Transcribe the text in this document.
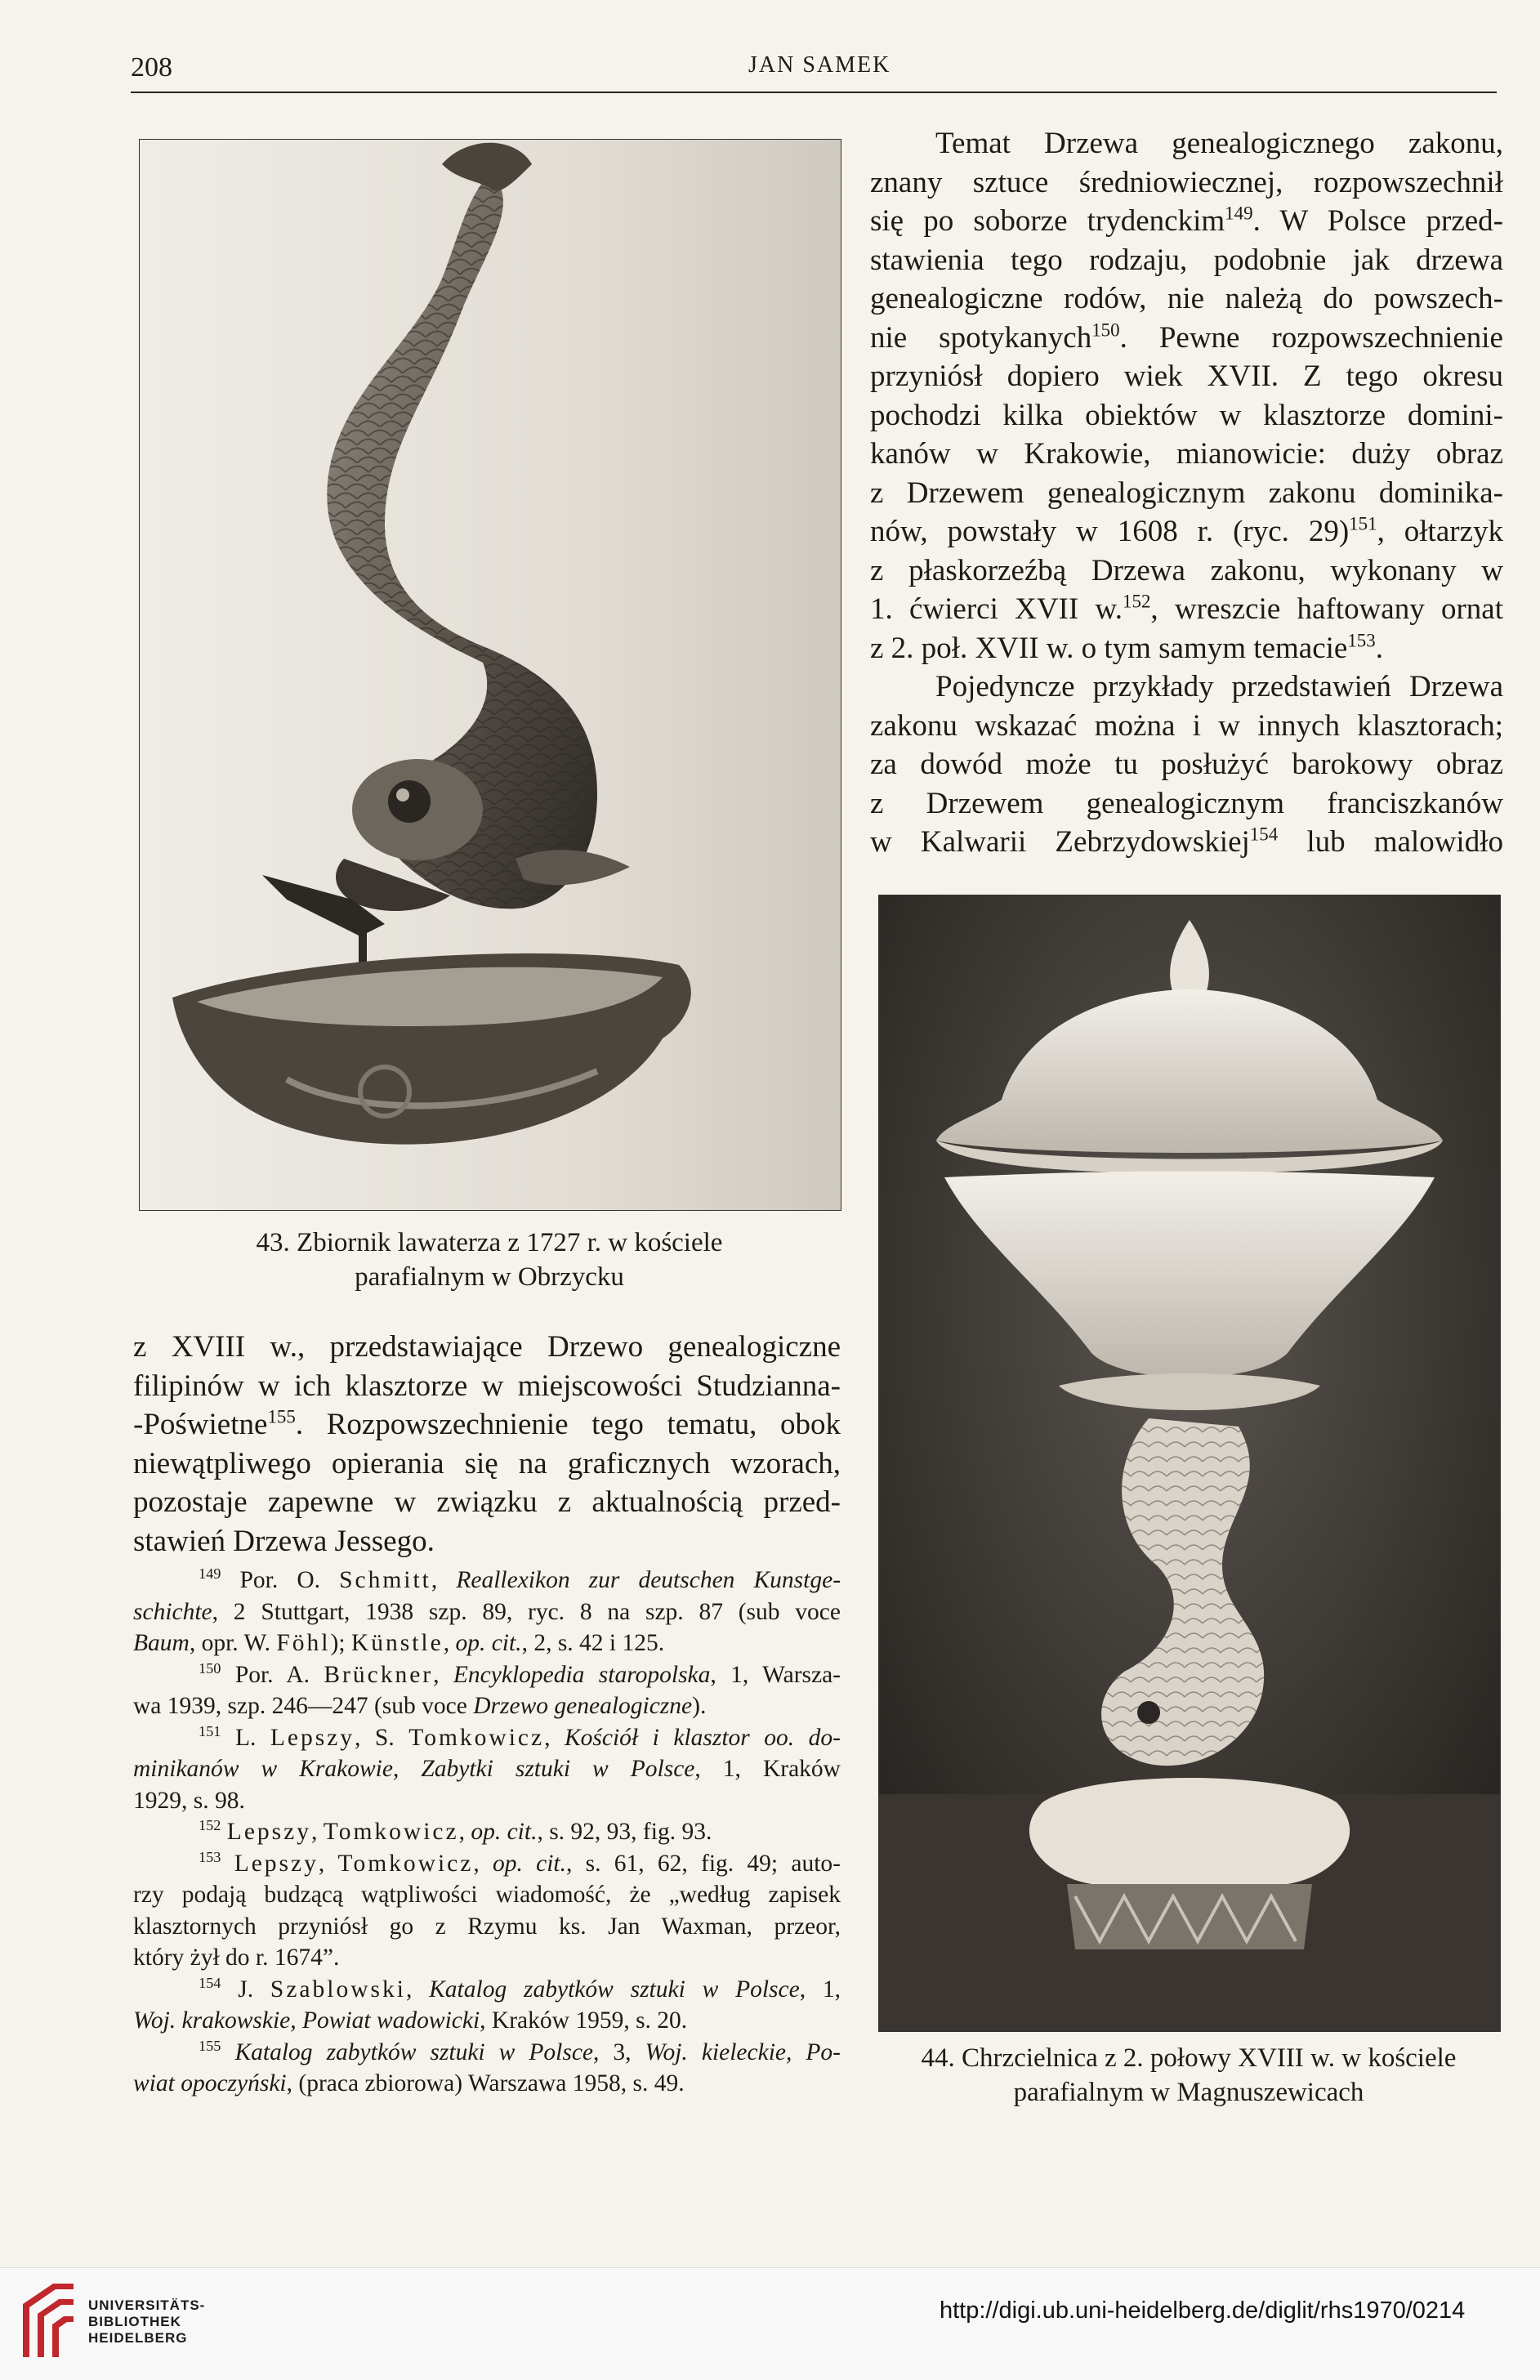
208	JAN SAMEK
Temat Drzewa genealogicznego zakonu,
znany sztuce średniowiecznej, rozpowszechnił
się po soborze trydenckim$^{149}$. W Polsce przed-
stawienia tego rodzaju, podobnie jak drzewa
genealogiczne rodów, nie należą do powszech-
nie spotykanych$^{150}$. Pewne rozpowszechnienie
przyniósł dopiero wiek XVII. Z tego okresu
pochodzi kilka obiektów w klasztorze domini-
kanów w Krakowie, mianowicie: duży obraz
z Drzewem genealogicznym zakonu dominika-
nów, powstały w 1608 r. (ryc. 29)$^{151}$, ołtarzyk
z płaskorzeźbą Drzewa zakonu, wykonany w
1. ćwierci XVII w.$^{152}$, wreszcie haftowany ornat
z 2. poł. XVII w. o tym samym temacie$^{153}$.
Pojedyncze przykłady przedstawień Drzewa
zakonu wskazać można i w innych klasztorach;
za dowód może tu posłużyć barokowy obraz
z Drzewem genealogicznym franciszkanów
w Kalwarii Zebrzydowskiej$^{154}$ lub malowidło
43. Zbiornik lawaterza z 1727 r. w kościele
parafialnym w Obrzycku
z XVIII w., przedstawiające Drzewo genealogiczne
filipinów w ich klasztorze w miejscowości Studzianna-
-Poświetne$^{155}$. Rozpowszechnienie tego tematu, obok
niewątpliwego opierania się na graficznych wzorach,
pozostaje zapewne w związku z aktualnością przed-
stawień Drzewa Jessego.
$^{149}$ Por. O. Schmitt, Reallexikon zur deutschen Kunstge-
schichte, 2 Stuttgart, 1938 szp. 89, ryc. 8 na szp. 87 (sub voce
Baum, opr. W. Föhl); Künstle, op. cit., 2, s. 42 i 125.
$^{150}$ Por. A. Brückner, Encyklopedia staropolska, 1, Warsza-
wa 1939, szp. 246—247 (sub voce Drzewo genealogiczne).
$^{151}$ L. Lepszy, S. Tomkowicz, Kościół i klasztor oo. do-
minikanów w Krakowie, Zabytki sztuki w Polsce, 1, Kraków
1929, s. 98.
$^{152}$ Lepszy, Tomkowicz, op. cit., s. 92, 93, fig. 93.
$^{153}$ Lepszy, Tomkowicz, op. cit., s. 61, 62, fig. 49; auto-
rzy podają budzącą wątpliwości wiadomość, że „według zapisek
klasztornych przyniósł go z Rzymu ks. Jan Waxman, przeor,
który żył do r. 1674”.
$^{154}$ J. Szablowski, Katalog zabytków sztuki w Polsce, 1,
Woj. krakowskie, Powiat wadowicki, Kraków 1959, s. 20.
$^{155}$ Katalog zabytków sztuki w Polsce, 3, Woj. kieleckie, Po-
wiat opoczyński, (praca zbiorowa) Warszawa 1958, s. 49.
44. Chrzcielnica z 2. połowy XVIII w. w kościele
parafialnym w Magnuszewicach
UNIVERSITÄTS-
BIBLIOTHEK
HEIDELBERG
http://digi.ub.uni-heidelberg.de/diglit/rhs1970/0214
